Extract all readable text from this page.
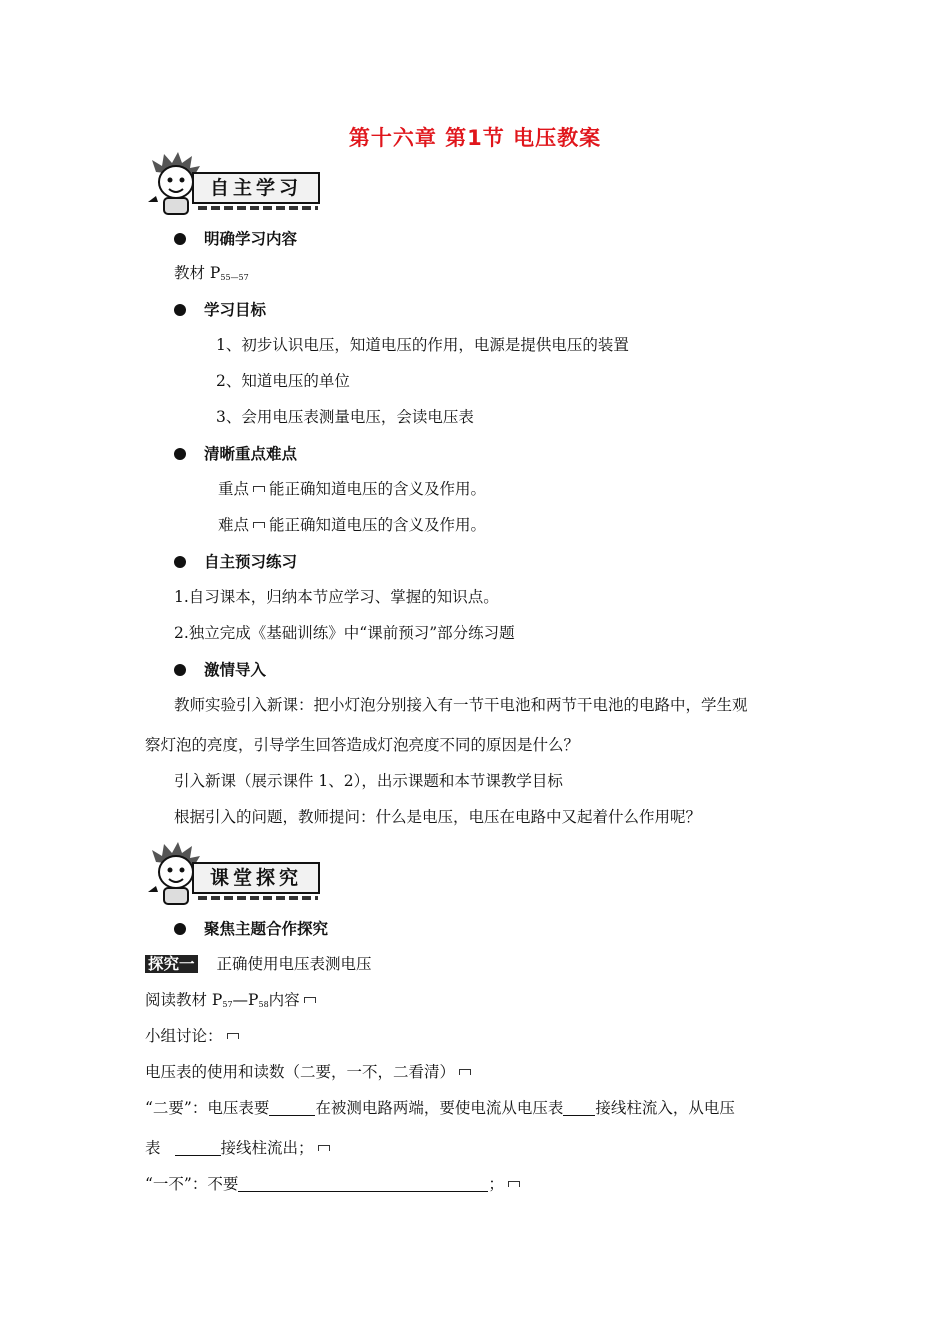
第十六章 第1节 电压教案
自主学习
明确学习内容
教材 $P_{55—57}$
学习目标
1、初步认识电压，知道电压的作用，电源是提供电压的装置
2、知道电压的单位
3、会用电压表测量电压，会读电压表
清晰重点难点
重点 能正确知道电压的含义及作用。
难点 能正确知道电压的含义及作用。
自主预习练习
1.自习课本，归纳本节应学习、掌握的知识点。
2.独立完成《基础训练》中“课前预习”部分练习题
激情导入
教师实验引入新课：把小灯泡分别接入有一节干电池和两节干电池的电路中，学生观
察灯泡的亮度，引导学生回答造成灯泡亮度不同的原因是什么？
引入新课（展示课件 1、2），出示课题和本节课教学目标
根据引入的问题，教师提问：什么是电压，电压在电路中又起着什么作用呢？
课堂探究
聚焦主题合作探究
探究一 正确使用电压表测电压
阅读教材 $P_{57}—P_{58}$内容
小组讨论：
电压表的使用和读数（二要，一不，二看清）
“二要”：电压表要	在被测电路两端，要使电流从电压表 接线柱流入，从电压
表	接线柱流出；
“一不”：不要	；
